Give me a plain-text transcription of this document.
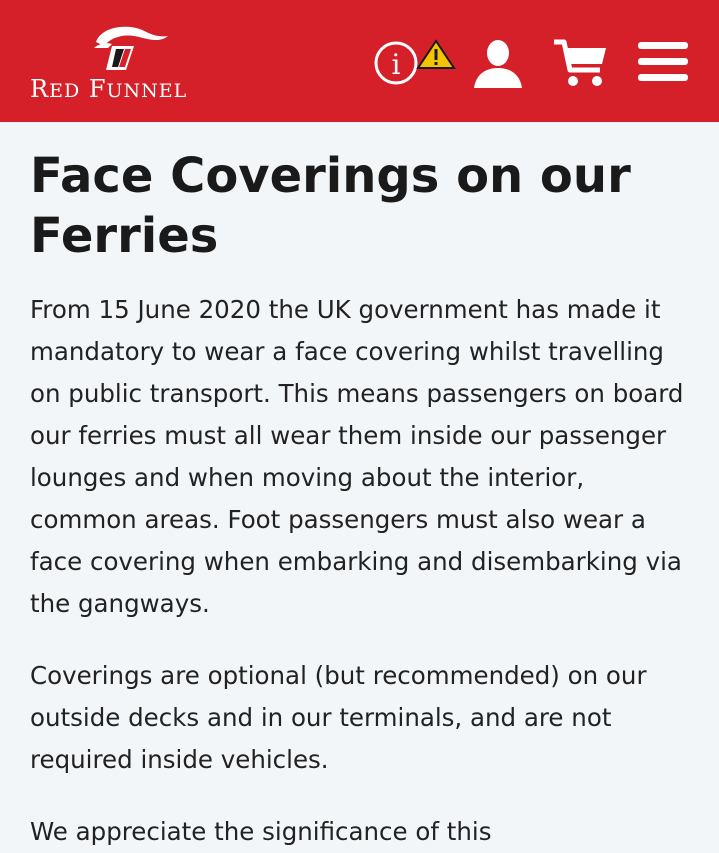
RED FUNNEL
i
Face Coverings on our Ferries

From 15 June 2020 the UK government has made it mandatory to wear a face covering whilst travelling on public transport. This means passengers on board our ferries must all wear them inside our passenger lounges and when moving about the interior, common areas. Foot passengers must also wear a face covering when embarking and disembarking via the gangways.

Coverings are optional (but recommended) on our outside decks and in our terminals, and are not required inside vehicles.

We appreciate the significance of this
